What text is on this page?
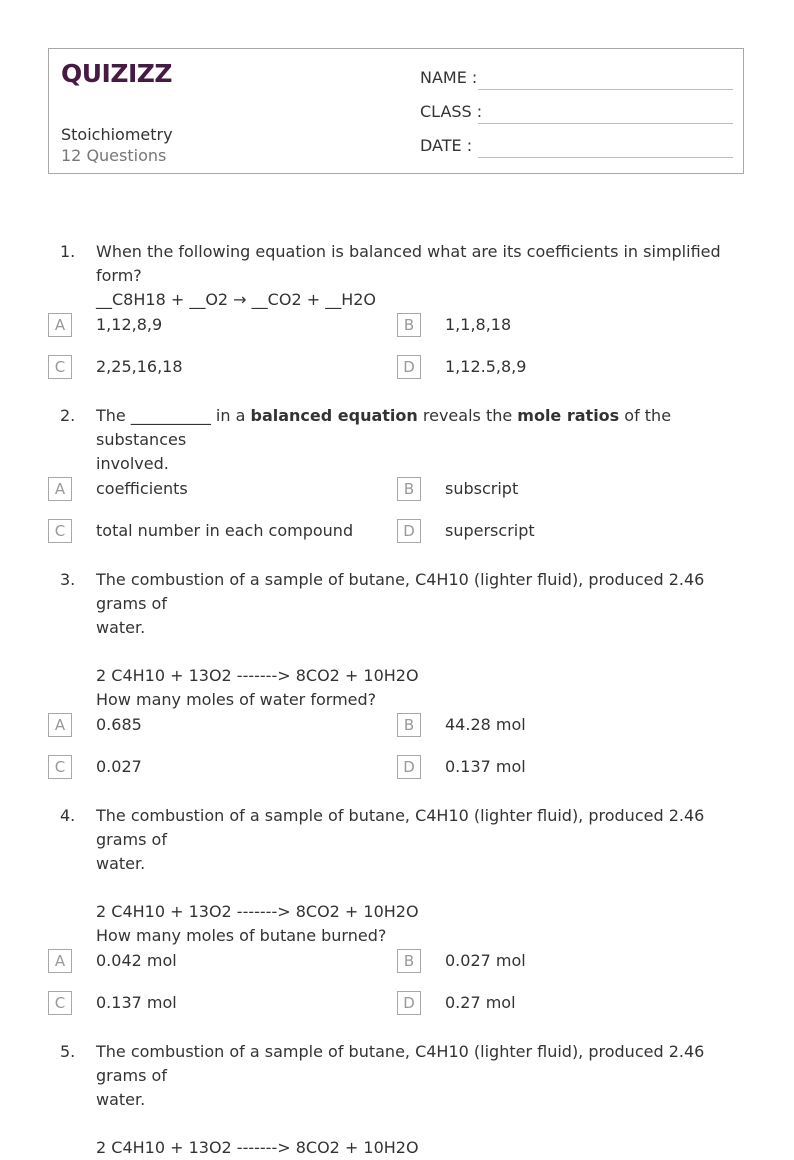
QUIZIZZ
Stoichiometry
12 Questions
NAME :
CLASS :
DATE :
1. When the following equation is balanced what are its coefficients in simplified form?
__C8H18 + __O2 → __CO2 + __H2O
A	1,12,8,9	B	1,1,8,18
C	2,25,16,18	D	1,12.5,8,9
2. The __________ in a balanced equation reveals the mole ratios of the substances
involved.
A	coefficients	B	subscript
C	total number in each compound	D	superscript
3. The combustion of a sample of butane, C4H10 (lighter fluid), produced 2.46 grams of
water.
2 C4H10 + 13O2 -------> 8CO2 + 10H2O
How many moles of water formed?
A	0.685	B	44.28 mol
C	0.027	D	0.137 mol
4. The combustion of a sample of butane, C4H10 (lighter fluid), produced 2.46 grams of
water.
2 C4H10 + 13O2 -------> 8CO2 + 10H2O
How many moles of butane burned?
A	0.042 mol	B	0.027 mol
C	0.137 mol	D	0.27 mol
5. The combustion of a sample of butane, C4H10 (lighter fluid), produced 2.46 grams of
water.
2 C4H10 + 13O2 -------> 8CO2 + 10H2O
